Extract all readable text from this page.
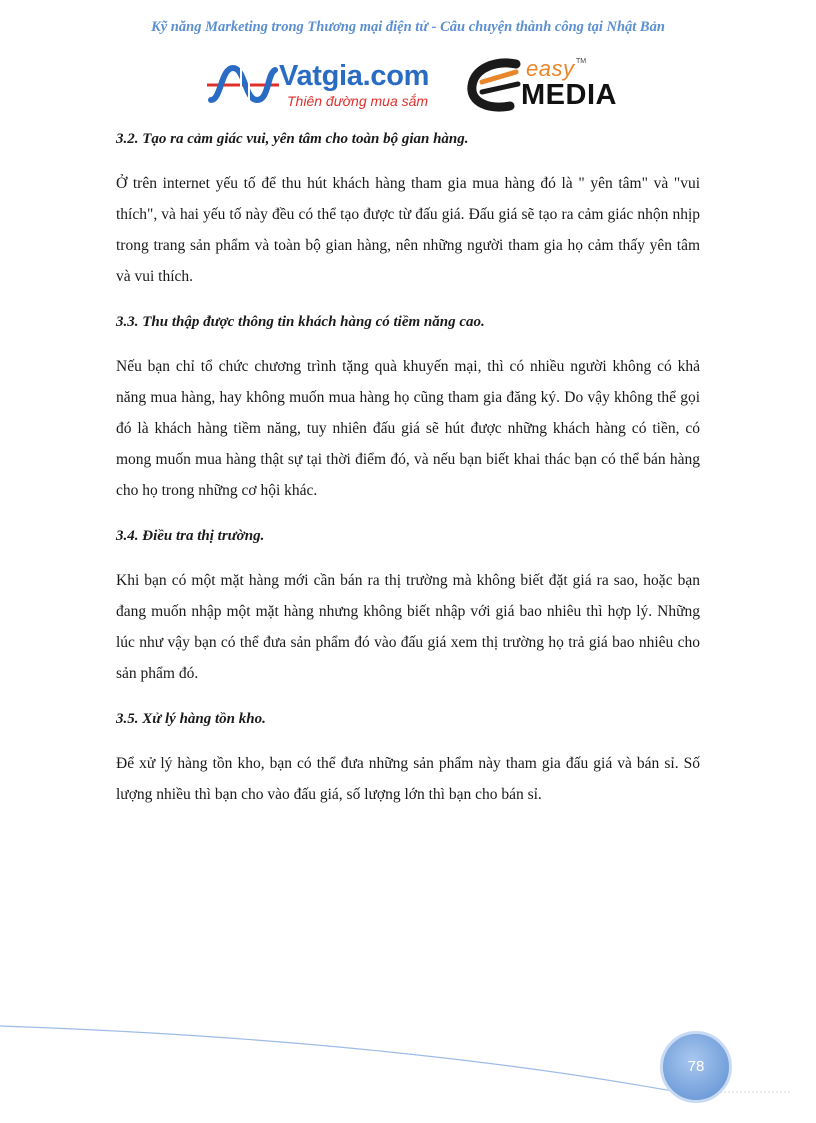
Kỹ năng Marketing trong Thương mại điện tử - Câu chuyện thành công tại Nhật Bản
Vatgia.com
Thiên đường mua sắm
easy TM
MEDIA
3.2. Tạo ra cảm giác vui, yên tâm cho toàn bộ gian hàng.

Ở trên internet yếu tố để thu hút khách hàng tham gia mua hàng đó là " yên tâm" và "vui thích", và hai yếu tố này đều có thể tạo được từ đấu giá. Đấu giá sẽ tạo ra cảm giác nhộn nhịp trong trang sản phẩm và toàn bộ gian hàng, nên những người tham gia họ cảm thấy yên tâm và vui thích.

3.3. Thu thập được thông tin khách hàng có tiềm năng cao.

Nếu bạn chỉ tổ chức chương trình tặng quà khuyến mại, thì có nhiều người không có khả năng mua hàng, hay không muốn mua hàng họ cũng tham gia đăng ký. Do vậy không thể gọi đó là khách hàng tiềm năng, tuy nhiên đấu giá sẽ hút được những khách hàng có tiền, có mong muốn mua hàng thật sự tại thời điểm đó, và nếu bạn biết khai thác bạn có thể bán hàng cho họ trong những cơ hội khác.

3.4. Điều tra thị trường.

Khi bạn có một mặt hàng mới cần bán ra thị trường mà không biết đặt giá ra sao, hoặc bạn đang muốn nhập một mặt hàng nhưng không biết nhập với giá bao nhiêu thì hợp lý. Những lúc như vậy bạn có thể đưa sản phẩm đó vào đấu giá xem thị trường họ trả giá bao nhiêu cho sản phẩm đó.

3.5. Xử lý hàng tồn kho.

Để xử lý hàng tồn kho, bạn có thể đưa những sản phẩm này tham gia đấu giá và bán sỉ. Số lượng nhiều thì bạn cho vào đấu giá, số lượng lớn thì bạn cho bán sỉ.

78
